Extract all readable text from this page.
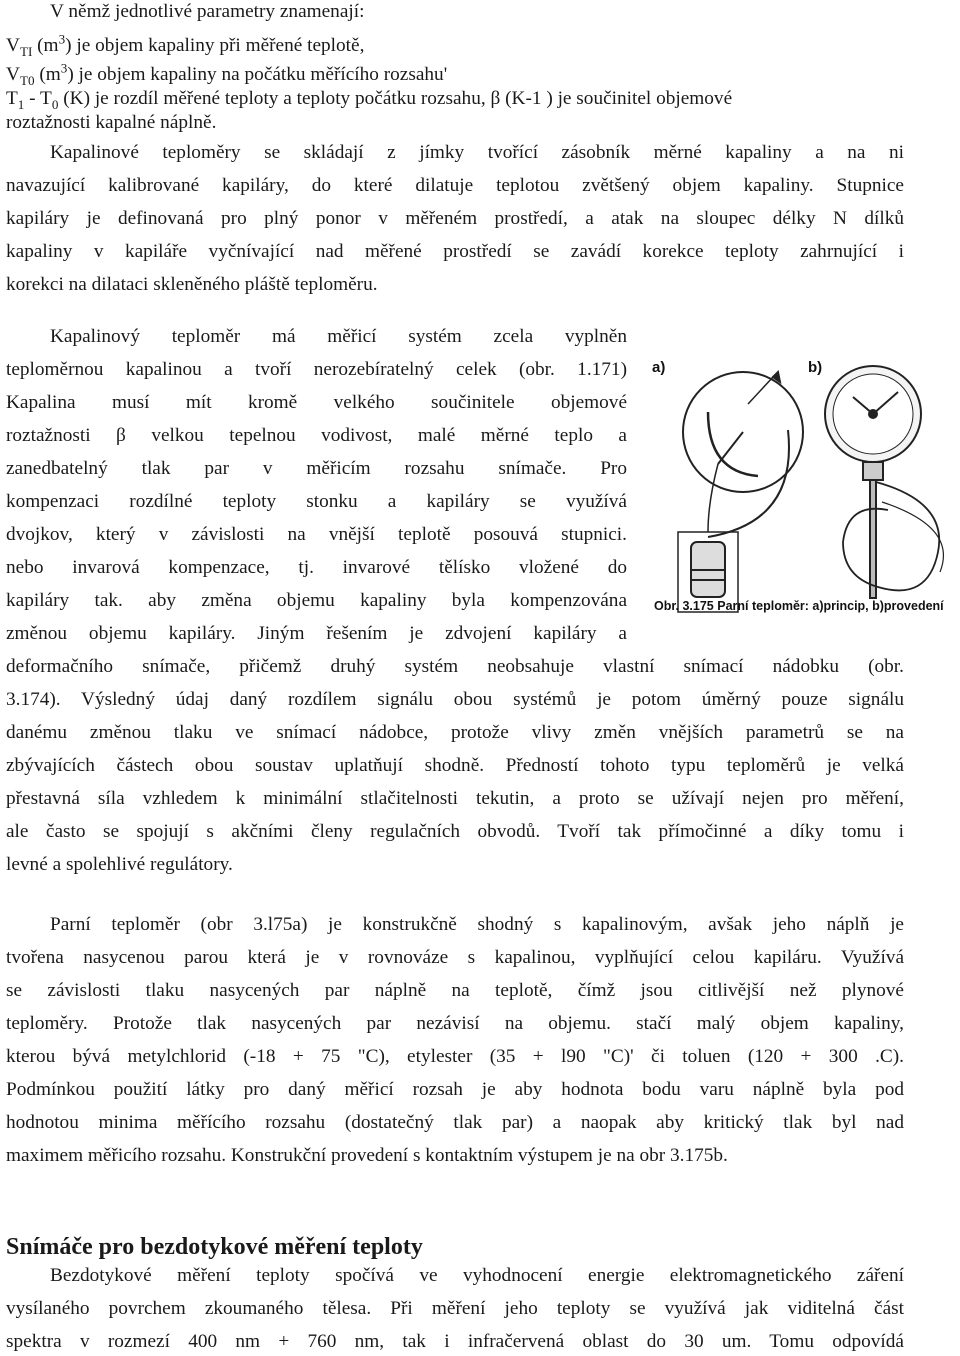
V němž jednotlivé parametry znamenají:
$V_{TI}$ $(m^3)$ je objem kapaliny při měřené teplotě,
$V_{T0}$ $(m^3)$ je objem kapaliny na počátku měřícího rozsahu'
$T_1 - T_0$ (K) je rozdíl měřené teploty a teploty počátku rozsahu, β (K-1 ) je součinitel objemové
roztažnosti kapalné náplně.
Kapalinové teploměry se skládají z jímky tvořící zásobník měrné kapaliny a na ni
navazující kalibrované kapiláry, do které dilatuje teplotou zvětšený objem kapaliny. Stupnice
kapiláry je definovaná pro plný ponor v měřeném prostředí, a atak na sloupec délky N dílků
kapaliny v kapiláře vyčnívající nad měřené prostředí se zavádí korekce teploty zahrnující i
korekci na dilataci skleněného pláště teploměru.
Kapalinový teploměr má měřicí systém zcela vyplněn
teploměrnou kapalinou a tvoří nerozebíratelný celek (obr. 1.171)
Kapalina musí mít kromě velkého součinitele objemové
roztažnosti β velkou tepelnou vodivost, malé měrné teplo a
zanedbatelný tlak par v měřicím rozsahu snímače. Pro
kompenzaci rozdílné teploty stonku a kapiláry se využívá
dvojkov, který v závislosti na vnější teplotě posouvá stupnici.
nebo invarová kompenzace, tj. invarové tělísko vložené do
kapiláry tak. aby změna objemu kapaliny byla kompenzována
změnou objemu kapiláry. Jiným řešením je zdvojení kapiláry a
deformačního snímače, přičemž druhý systém neobsahuje vlastní snímací nádobku (obr.
3.174). Výsledný údaj daný rozdílem signálu obou systémů je potom úměrný pouze signálu
danému změnou tlaku ve snímací nádobce, protože vlivy změn vnějších parametrů se na
zbývajících částech obou soustav uplatňují shodně. Předností tohoto typu teploměrů je velká
přestavná síla vzhledem k minimální stlačitelnosti tekutin, a proto se užívají nejen pro měření,
ale často se spojují s akčními členy regulačních obvodů. Tvoří tak přímočinné a díky tomu i
levné a spolehlivé regulátory.
Parní teploměr (obr 3.l75a) je konstrukčně shodný s kapalinovým, avšak jeho náplň je
tvořena nasycenou parou která je v rovnováze s kapalinou, vyplňující celou kapiláru. Využívá
se závislosti tlaku nasycených par náplně na teplotě, čímž jsou citlivější než plynové
teploměry. Protože tlak nasycených par nezávisí na objemu. stačí malý objem kapaliny,
kterou bývá metylchlorid (-18 + 75 "C), etylester (35 + l90 "C)' či toluen (120 + 300 .C).
Podmínkou použití látky pro daný měřicí rozsah je aby hodnota bodu varu náplně byla pod
hodnotou minima měřícího rozsahu (dostatečný tlak par) a naopak aby kritický tlak byl nad
maximem měřicího rozsahu. Konstrukční provedení s kontaktním výstupem je na obr 3.175b.
Snímáče pro bezdotykové měření teploty
Bezdotykové měření teploty spočívá ve vyhodnocení energie elektromagnetického záření
vysílaného povrchem zkoumaného tělesa. Při měření jeho teploty se využívá jak viditelná část
spektra v rozmezí 400 nm + 760 nm, tak i infračervená oblast do 30 um. Tomu odpovídá
a)	b)
Obr. 3.175 Parní teploměr: a)princip, b)provedení
